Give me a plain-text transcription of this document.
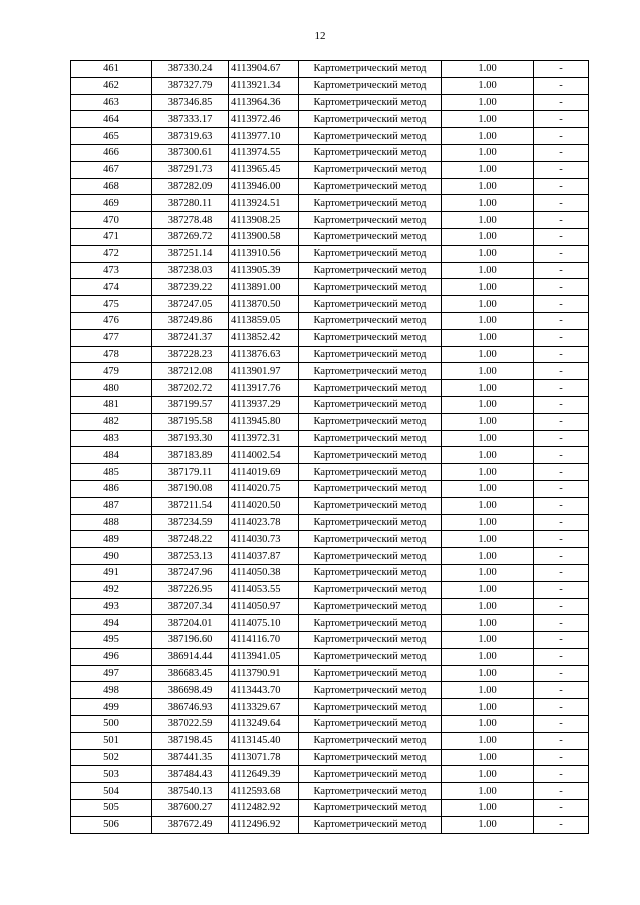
12
461	387330.24	4113904.67	Картометрический метод	1.00	-
462	387327.79	4113921.34	Картометрический метод	1.00	-
463	387346.85	4113964.36	Картометрический метод	1.00	-
464	387333.17	4113972.46	Картометрический метод	1.00	-
465	387319.63	4113977.10	Картометрический метод	1.00	-
466	387300.61	4113974.55	Картометрический метод	1.00	-
467	387291.73	4113965.45	Картометрический метод	1.00	-
468	387282.09	4113946.00	Картометрический метод	1.00	-
469	387280.11	4113924.51	Картометрический метод	1.00	-
470	387278.48	4113908.25	Картометрический метод	1.00	-
471	387269.72	4113900.58	Картометрический метод	1.00	-
472	387251.14	4113910.56	Картометрический метод	1.00	-
473	387238.03	4113905.39	Картометрический метод	1.00	-
474	387239.22	4113891.00	Картометрический метод	1.00	-
475	387247.05	4113870.50	Картометрический метод	1.00	-
476	387249.86	4113859.05	Картометрический метод	1.00	-
477	387241.37	4113852.42	Картометрический метод	1.00	-
478	387228.23	4113876.63	Картометрический метод	1.00	-
479	387212.08	4113901.97	Картометрический метод	1.00	-
480	387202.72	4113917.76	Картометрический метод	1.00	-
481	387199.57	4113937.29	Картометрический метод	1.00	-
482	387195.58	4113945.80	Картометрический метод	1.00	-
483	387193.30	4113972.31	Картометрический метод	1.00	-
484	387183.89	4114002.54	Картометрический метод	1.00	-
485	387179.11	4114019.69	Картометрический метод	1.00	-
486	387190.08	4114020.75	Картометрический метод	1.00	-
487	387211.54	4114020.50	Картометрический метод	1.00	-
488	387234.59	4114023.78	Картометрический метод	1.00	-
489	387248.22	4114030.73	Картометрический метод	1.00	-
490	387253.13	4114037.87	Картометрический метод	1.00	-
491	387247.96	4114050.38	Картометрический метод	1.00	-
492	387226.95	4114053.55	Картометрический метод	1.00	-
493	387207.34	4114050.97	Картометрический метод	1.00	-
494	387204.01	4114075.10	Картометрический метод	1.00	-
495	387196.60	4114116.70	Картометрический метод	1.00	-
496	386914.44	4113941.05	Картометрический метод	1.00	-
497	386683.45	4113790.91	Картометрический метод	1.00	-
498	386698.49	4113443.70	Картометрический метод	1.00	-
499	386746.93	4113329.67	Картометрический метод	1.00	-
500	387022.59	4113249.64	Картометрический метод	1.00	-
501	387198.45	4113145.40	Картометрический метод	1.00	-
502	387441.35	4113071.78	Картометрический метод	1.00	-
503	387484.43	4112649.39	Картометрический метод	1.00	-
504	387540.13	4112593.68	Картометрический метод	1.00	-
505	387600.27	4112482.92	Картометрический метод	1.00	-
506	387672.49	4112496.92	Картометрический метод	1.00	-
